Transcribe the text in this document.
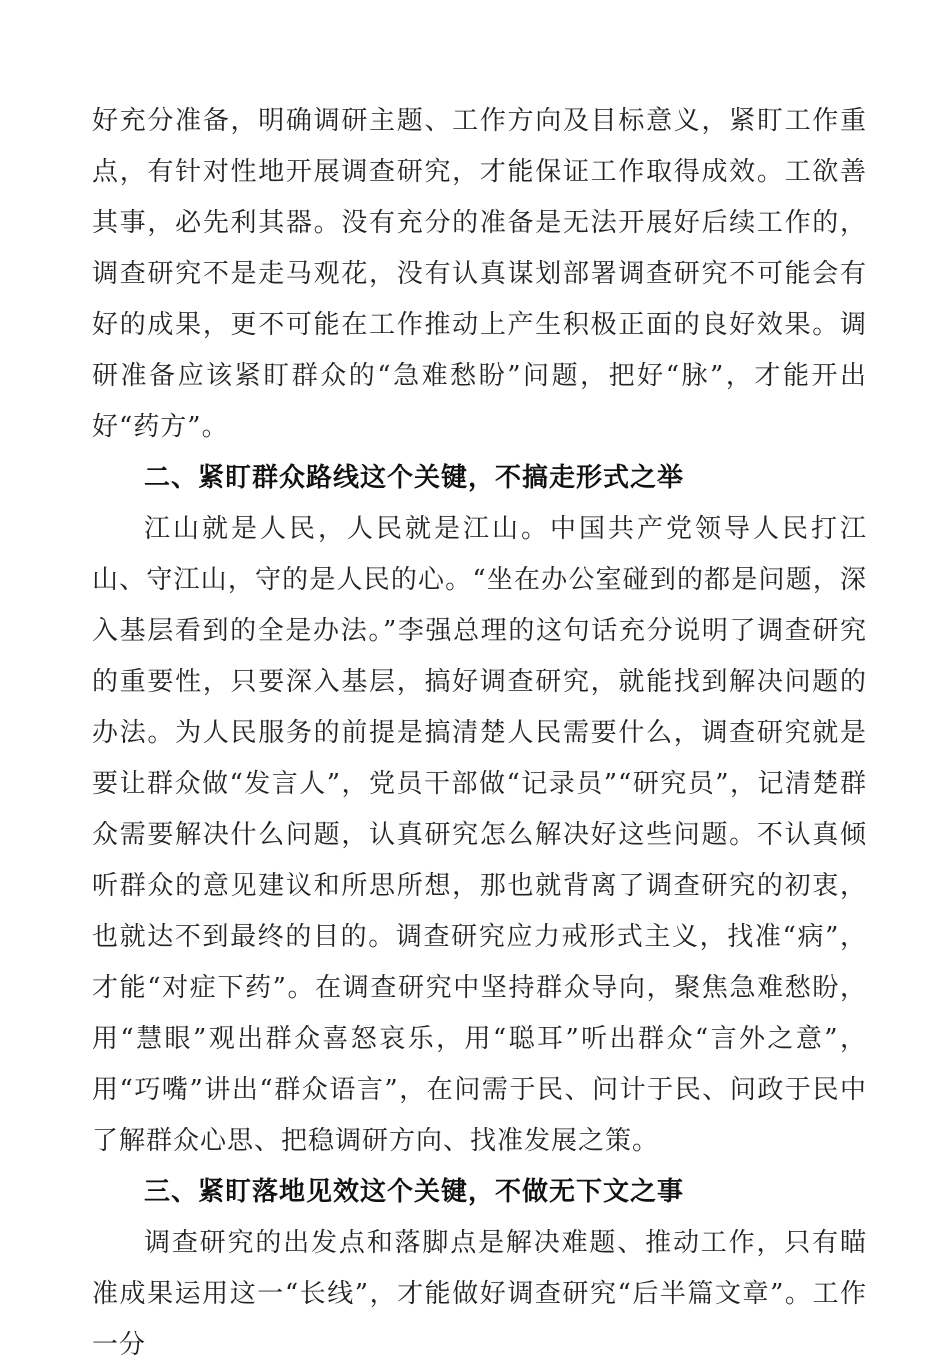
好充分准备，明确调研主题、工作方向及目标意义，紧盯工作重点，有针对性地开展调查研究，才能保证工作取得成效。工欲善其事，必先利其器。没有充分的准备是无法开展好后续工作的，调查研究不是走马观花，没有认真谋划部署调查研究不可能会有好的成果，更不可能在工作推动上产生积极正面的良好效果。调研准备应该紧盯群众的“急难愁盼”问题，把好“脉”，才能开出好“药方”。

二、紧盯群众路线这个关键，不搞走形式之举

江山就是人民，人民就是江山。中国共产党领导人民打江山、守江山，守的是人民的心。“坐在办公室碰到的都是问题，深入基层看到的全是办法。”李强总理的这句话充分说明了调查研究的重要性，只要深入基层，搞好调查研究，就能找到解决问题的办法。为人民服务的前提是搞清楚人民需要什么，调查研究就是要让群众做“发言人”，党员干部做“记录员”“研究员”，记清楚群众需要解决什么问题，认真研究怎么解决好这些问题。不认真倾听群众的意见建议和所思所想，那也就背离了调查研究的初衷，也就达不到最终的目的。调查研究应力戒形式主义，找准“病”，才能“对症下药”。在调查研究中坚持群众导向，聚焦急难愁盼，用“慧眼”观出群众喜怒哀乐，用“聪耳”听出群众“言外之意”，用“巧嘴”讲出“群众语言”，在问需于民、问计于民、问政于民中了解群众心思、把稳调研方向、找准发展之策。

三、紧盯落地见效这个关键，不做无下文之事

调查研究的出发点和落脚点是解决难题、推动工作，只有瞄准成果运用这一“长线”，才能做好调查研究“后半篇文章”。工作一分
